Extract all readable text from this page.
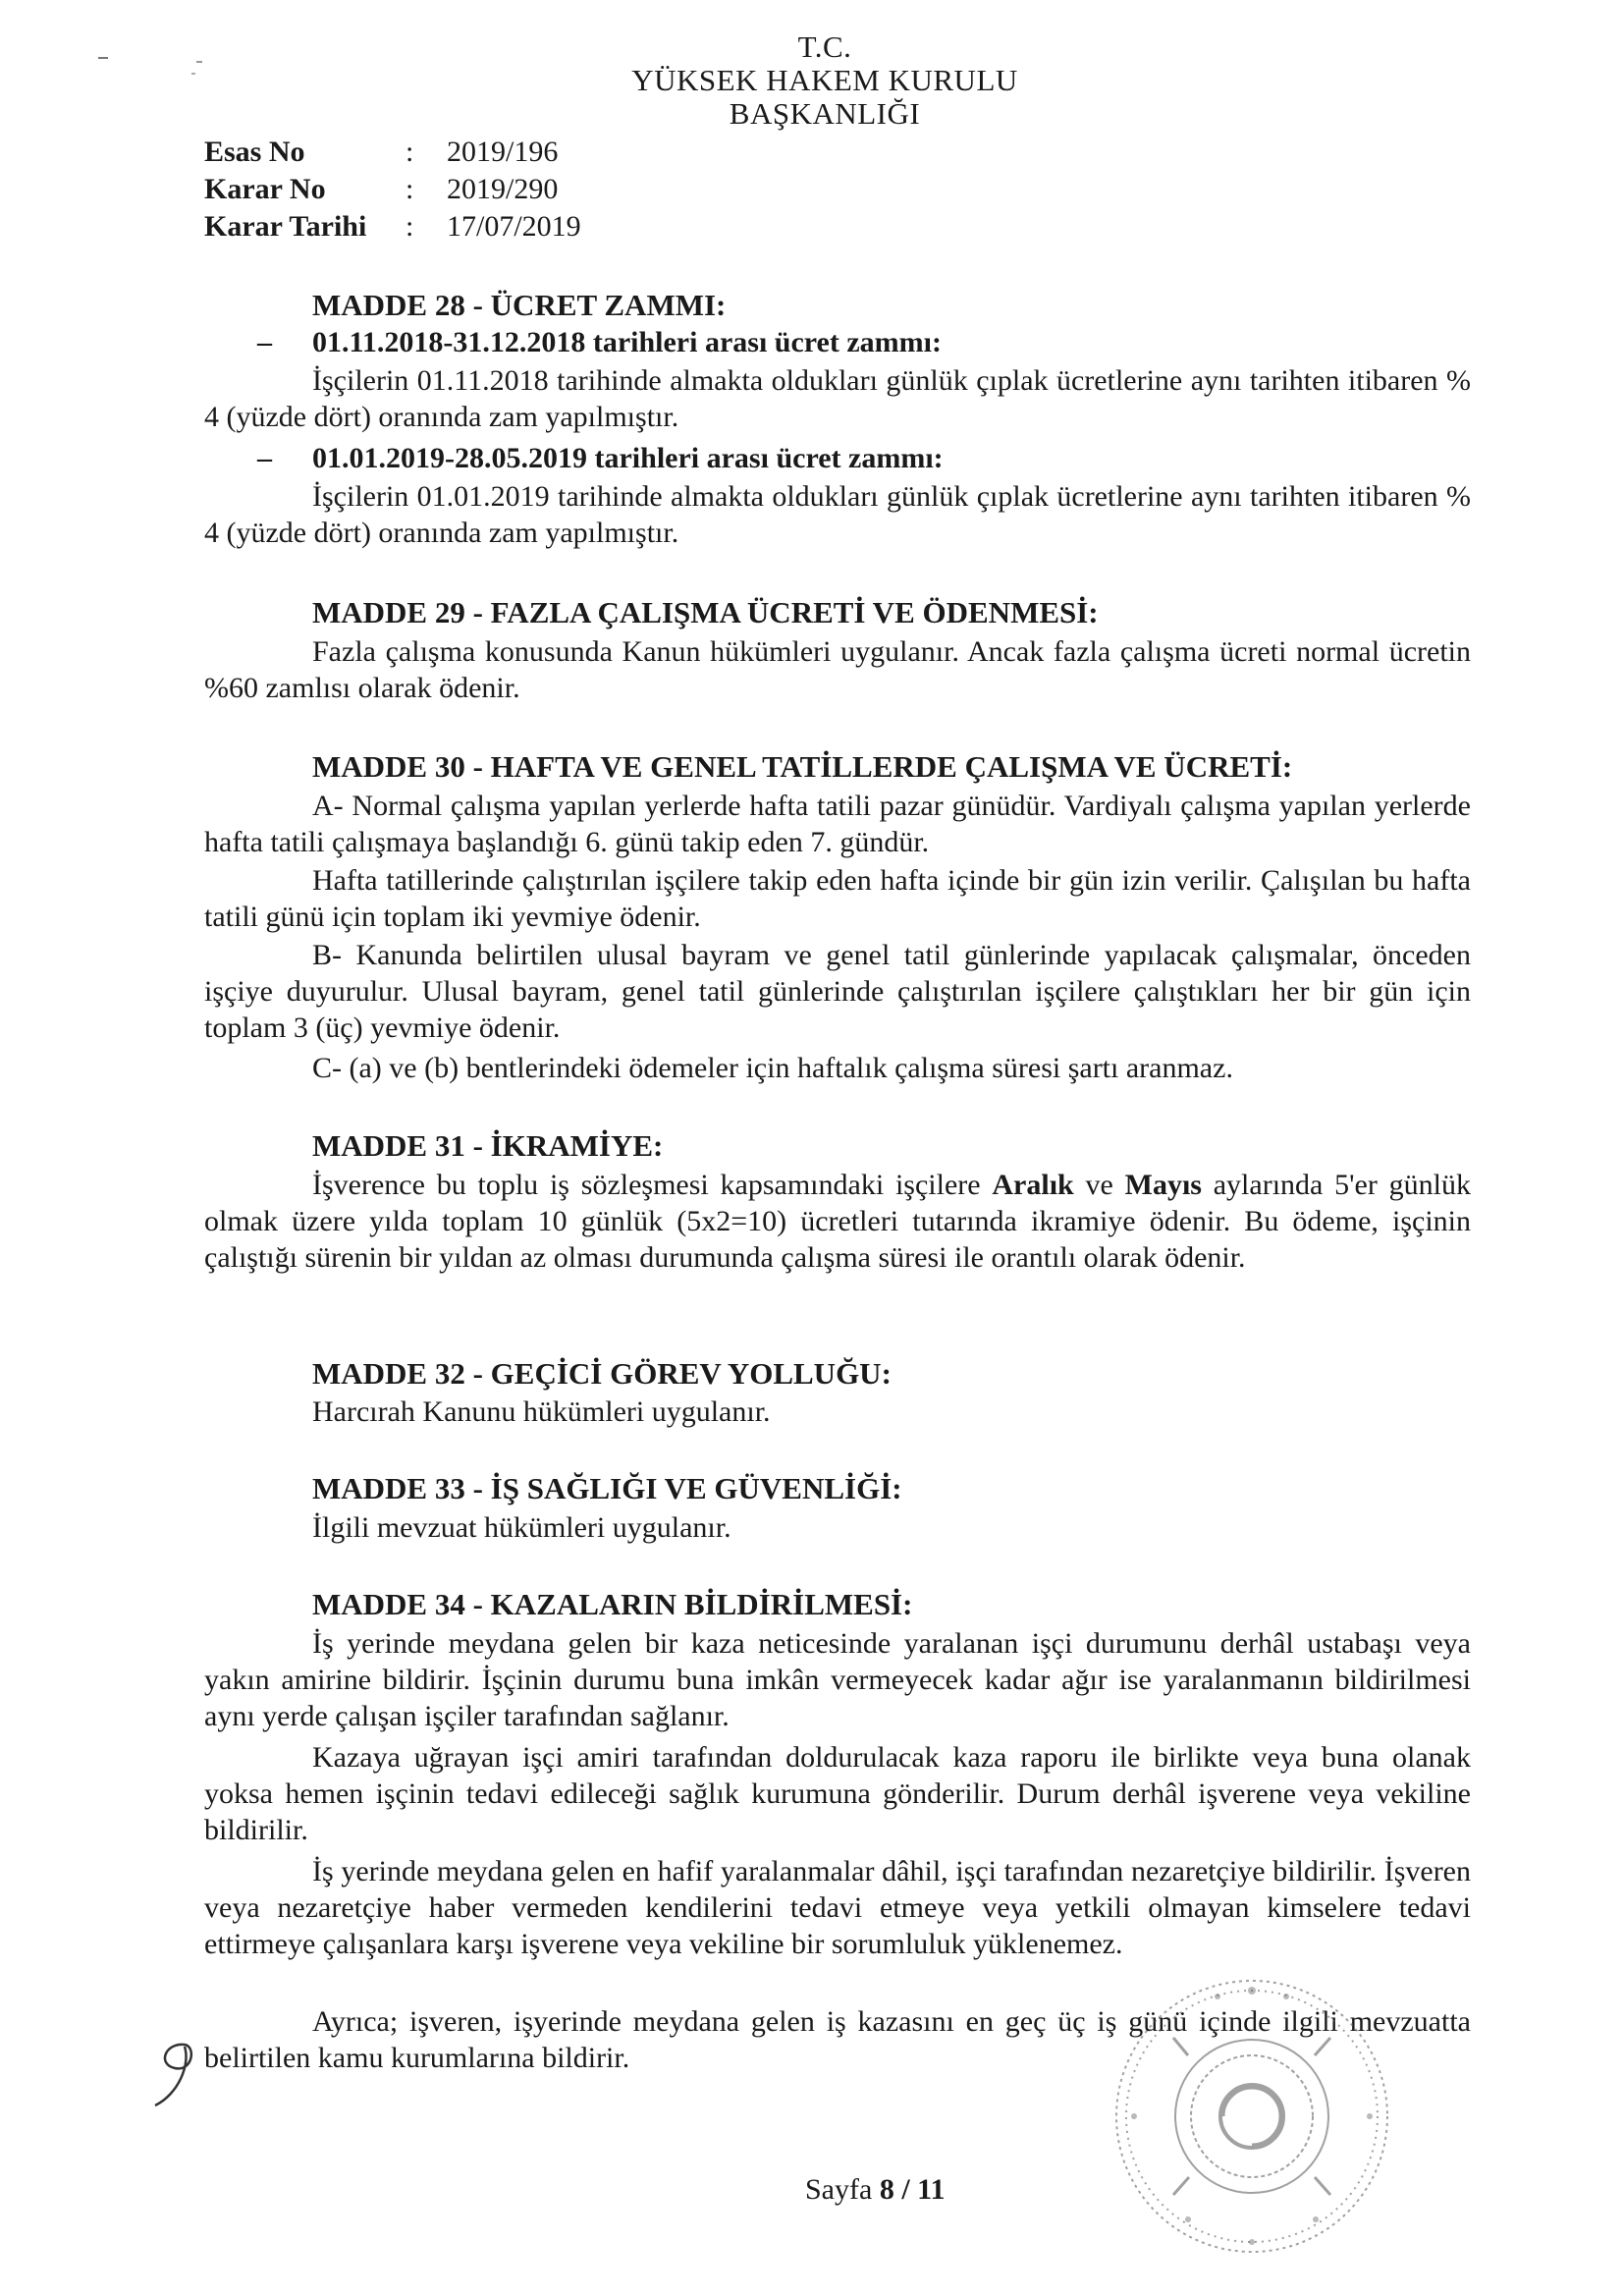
T.C.
YÜKSEK HAKEM KURULU
BAŞKANLIĞI
Esas No	:	2019/196
Karar No	:	2019/290
Karar Tarihi	:	17/07/2019
MADDE 28 - ÜCRET ZAMMI:
– 01.11.2018-31.12.2018 tarihleri arası ücret zammı:
İşçilerin 01.11.2018 tarihinde almakta oldukları günlük çıplak ücretlerine aynı tarihten itibaren % 4 (yüzde dört) oranında zam yapılmıştır.
– 01.01.2019-28.05.2019 tarihleri arası ücret zammı:
İşçilerin 01.01.2019 tarihinde almakta oldukları günlük çıplak ücretlerine aynı tarihten itibaren % 4 (yüzde dört) oranında zam yapılmıştır.
MADDE 29 - FAZLA ÇALIŞMA ÜCRETİ VE ÖDENMESİ:
Fazla çalışma konusunda Kanun hükümleri uygulanır. Ancak fazla çalışma ücreti normal ücretin %60 zamlısı olarak ödenir.
MADDE 30 - HAFTA VE GENEL TATİLLERDE ÇALIŞMA VE ÜCRETİ:
A- Normal çalışma yapılan yerlerde hafta tatili pazar günüdür. Vardiyalı çalışma yapılan yerlerde hafta tatili çalışmaya başlandığı 6. günü takip eden 7. gündür.
Hafta tatillerinde çalıştırılan işçilere takip eden hafta içinde bir gün izin verilir. Çalışılan bu hafta tatili günü için toplam iki yevmiye ödenir.
B- Kanunda belirtilen ulusal bayram ve genel tatil günlerinde yapılacak çalışmalar, önceden işçiye duyurulur. Ulusal bayram, genel tatil günlerinde çalıştırılan işçilere çalıştıkları her bir gün için toplam 3 (üç) yevmiye ödenir.
C- (a) ve (b) bentlerindeki ödemeler için haftalık çalışma süresi şartı aranmaz.
MADDE 31 - İKRAMİYE:
İşverence bu toplu iş sözleşmesi kapsamındaki işçilere Aralık ve Mayıs aylarında 5'er günlük olmak üzere yılda toplam 10 günlük (5x2=10) ücretleri tutarında ikramiye ödenir. Bu ödeme, işçinin çalıştığı sürenin bir yıldan az olması durumunda çalışma süresi ile orantılı olarak ödenir.
MADDE 32 - GEÇİCİ GÖREV YOLLUĞU:
Harcırah Kanunu hükümleri uygulanır.
MADDE 33 - İŞ SAĞLIĞI VE GÜVENLİĞİ:
İlgili mevzuat hükümleri uygulanır.
MADDE 34 - KAZALARIN BİLDİRİLMESİ:
İş yerinde meydana gelen bir kaza neticesinde yaralanan işçi durumunu derhâl ustabaşı veya yakın amirine bildirir. İşçinin durumu buna imkân vermeyecek kadar ağır ise yaralanmanın bildirilmesi aynı yerde çalışan işçiler tarafından sağlanır.
Kazaya uğrayan işçi amiri tarafından doldurulacak kaza raporu ile birlikte veya buna olanak yoksa hemen işçinin tedavi edileceği sağlık kurumuna gönderilir. Durum derhâl işverene veya vekiline bildirilir.
İş yerinde meydana gelen en hafif yaralanmalar dâhil, işçi tarafından nezaretçiye bildirilir. İşveren veya nezaretçiye haber vermeden kendilerini tedavi etmeye veya yetkili olmayan kimselere tedavi ettirmeye çalışanlara karşı işverene veya vekiline bir sorumluluk yüklenemez.
Ayrıca; işveren, işyerinde meydana gelen iş kazasını en geç üç iş günü içinde ilgili mevzuatta belirtilen kamu kurumlarına bildirir.
Sayfa 8 / 11
